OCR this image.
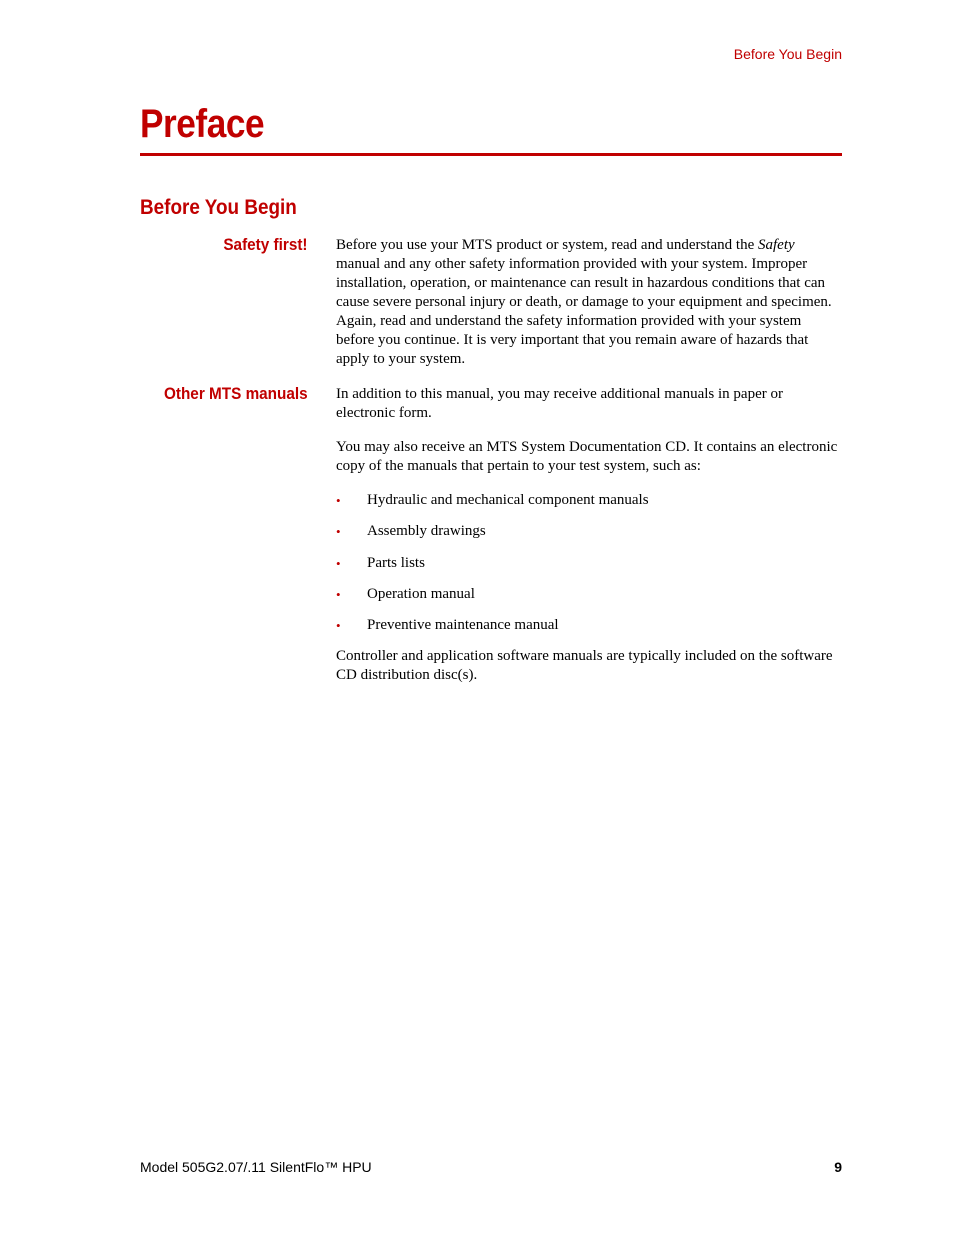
Before You Begin
Preface
Before You Begin
Safety first! Before you use your MTS product or system, read and understand the Safety manual and any other safety information provided with your system. Improper installation, operation, or maintenance can result in hazardous conditions that can cause severe personal injury or death, or damage to your equipment and specimen. Again, read and understand the safety information provided with your system before you continue. It is very important that you remain aware of hazards that apply to your system.

Other MTS manuals In addition to this manual, you may receive additional manuals in paper or electronic form.

You may also receive an MTS System Documentation CD. It contains an electronic copy of the manuals that pertain to your test system, such as:

• Hydraulic and mechanical component manuals
• Assembly drawings
• Parts lists
• Operation manual
• Preventive maintenance manual

Controller and application software manuals are typically included on the software CD distribution disc(s).

Model 505G2.07/.11 SilentFlo™ HPU	9
